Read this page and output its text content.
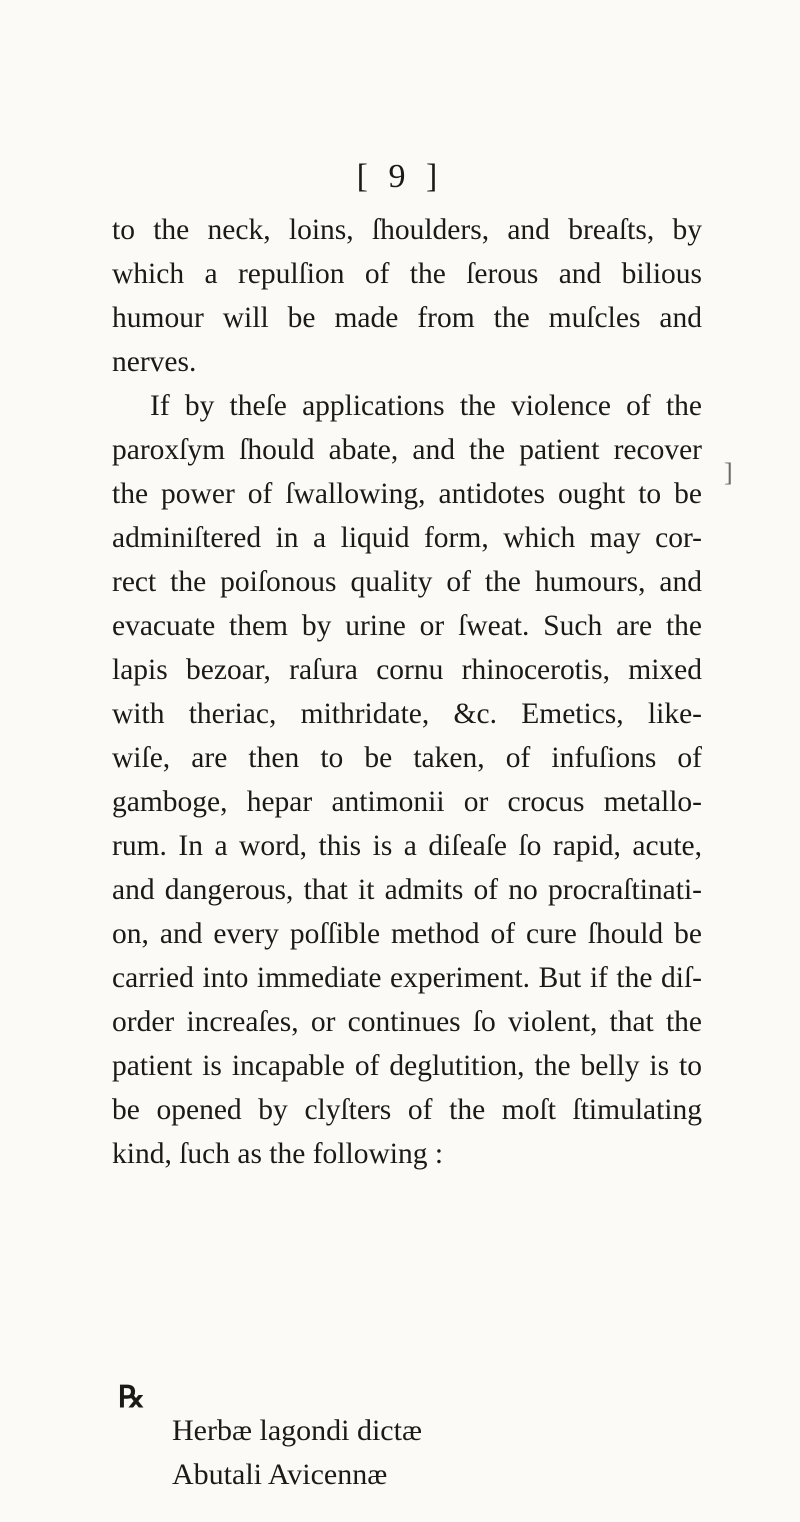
[ 9 ]
to the neck, loins, ſhoulders, and breaſts, by
which a repulſion of the ſerous and bilious
humour will be made from the muſcles and
nerves.
If by theſe applications the violence of the
paroxſym ſhould abate, and the patient recover
the power of ſwallowing, antidotes ought to be
adminiſtered in a liquid form, which may cor-
rect the poiſonous quality of the humours, and
evacuate them by urine or ſweat. Such are the
lapis bezoar, raſura cornu rhinocerotis, mixed
with theriac, mithridate, &c. Emetics, like-
wiſe, are then to be taken, of infuſions of
gamboge, hepar antimonii or crocus metallo-
rum. In a word, this is a diſeaſe ſo rapid, acute,
and dangerous, that it admits of no procraſtinati-
on, and every poſſible method of cure ſhould be
carried into immediate experiment. But if the diſ-
order increaſes, or continues ſo violent, that the
patient is incapable of deglutition, the belly is to
be opened by clyſters of the moſt ſtimulating
kind, ſuch as the following :
]
℞
Herbæ lagondi dictæ
Abutali Avicennæ
